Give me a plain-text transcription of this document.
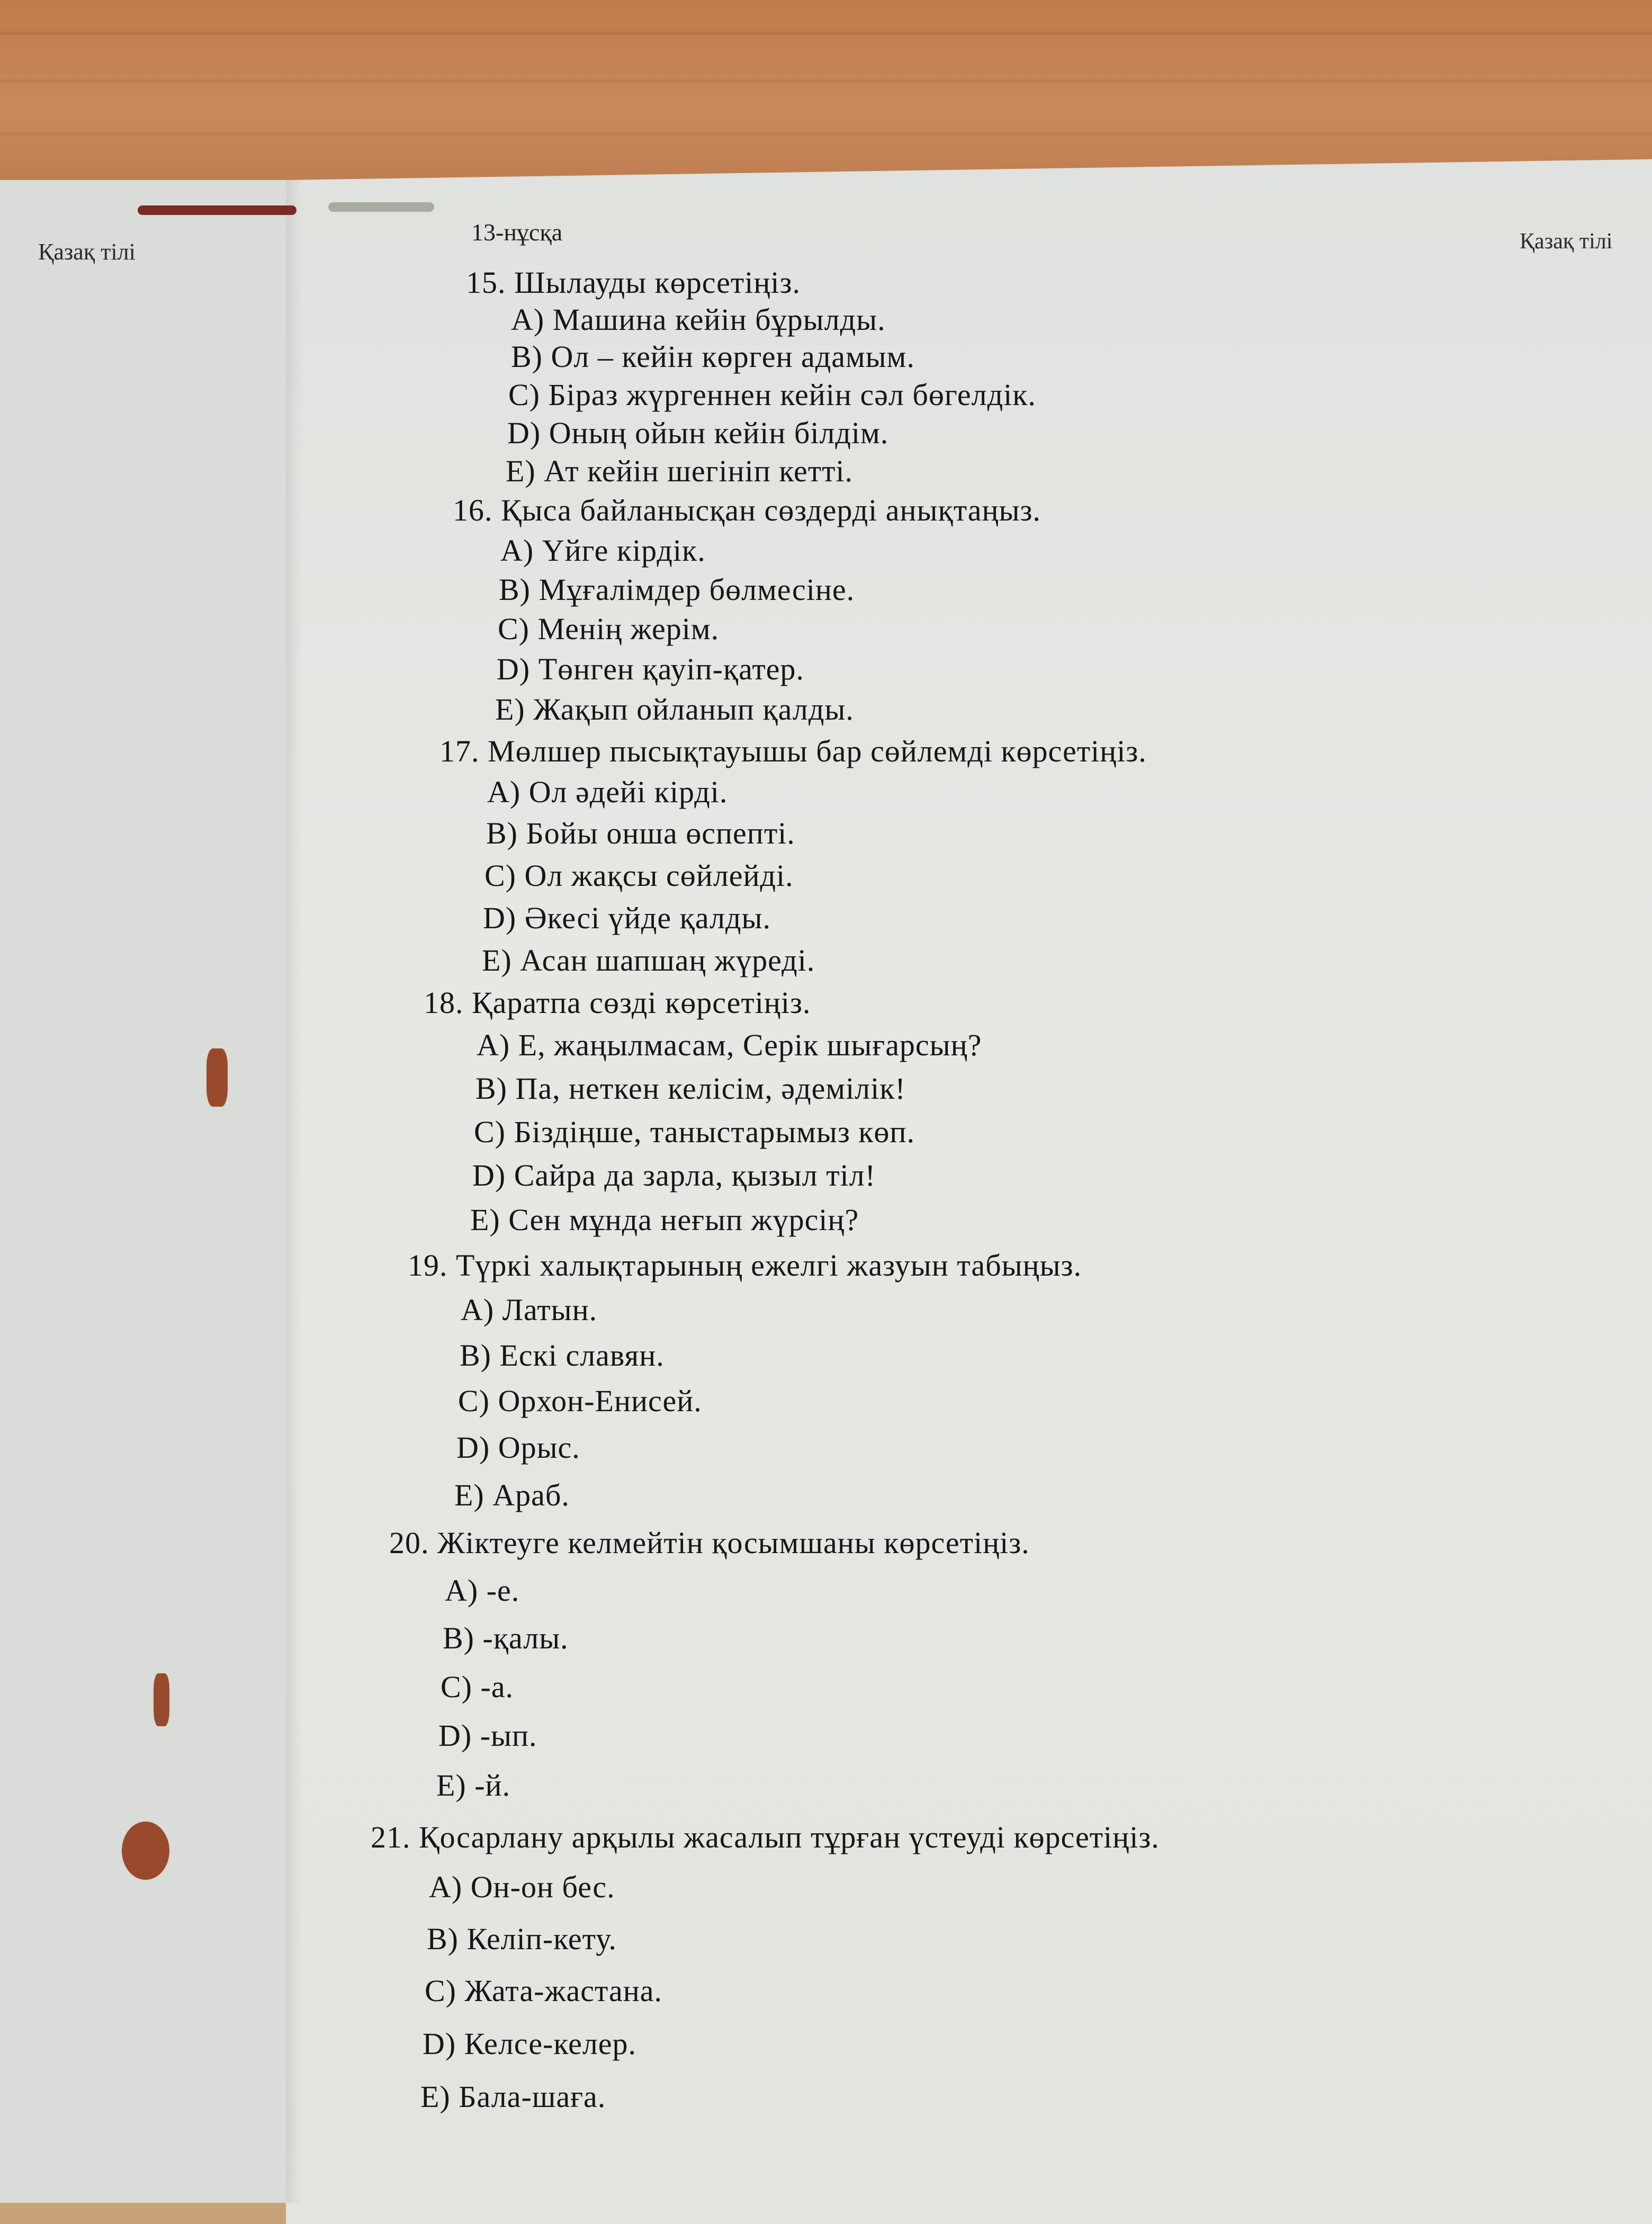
Қазақ тілі
13-нұсқа	Қазақ тілі
15. Шылауды көрсетіңіз.
A) Машина кейін бұрылды.
B) Ол – кейін көрген адамым.
C) Біраз жүргеннен кейін сәл бөгелдік.
D) Оның ойын кейін білдім.
E) Ат кейін шегініп кетті.
16. Қыса байланысқан сөздерді анықтаңыз.
A) Үйге кірдік.
B) Мұғалімдер бөлмесіне.
C) Менің жерім.
D) Төнген қауіп-қатер.
E) Жақып ойланып қалды.
17. Мөлшер пысықтауышы бар сөйлемді көрсетіңіз.
A) Ол әдейі кірді.
B) Бойы онша өспепті.
C) Ол жақсы сөйлейді.
D) Әкесі үйде қалды.
E) Асан шапшаң жүреді.
18. Қаратпа сөзді көрсетіңіз.
A) Е, жаңылмасам, Серік шығарсың?
B) Па, неткен келісім, әдемілік!
C) Біздіңше, таныстарымыз көп.
D) Сайра да зарла, қызыл тіл!
E) Сен мұнда неғып жүрсің?
19. Түркі халықтарының ежелгі жазуын табыңыз.
A) Латын.
B) Ескі славян.
C) Орхон-Енисей.
D) Орыс.
E) Араб.
20. Жіктеуге келмейтін қосымшаны көрсетіңіз.
A) -е.
B) -қалы.
C) -а.
D) -ып.
E) -й.
21. Қосарлану арқылы жасалып тұрған үстеуді көрсетіңіз.
A) Он-он бес.
B) Келіп-кету.
C) Жата-жастана.
D) Келсе-келер.
E) Бала-шаға.
